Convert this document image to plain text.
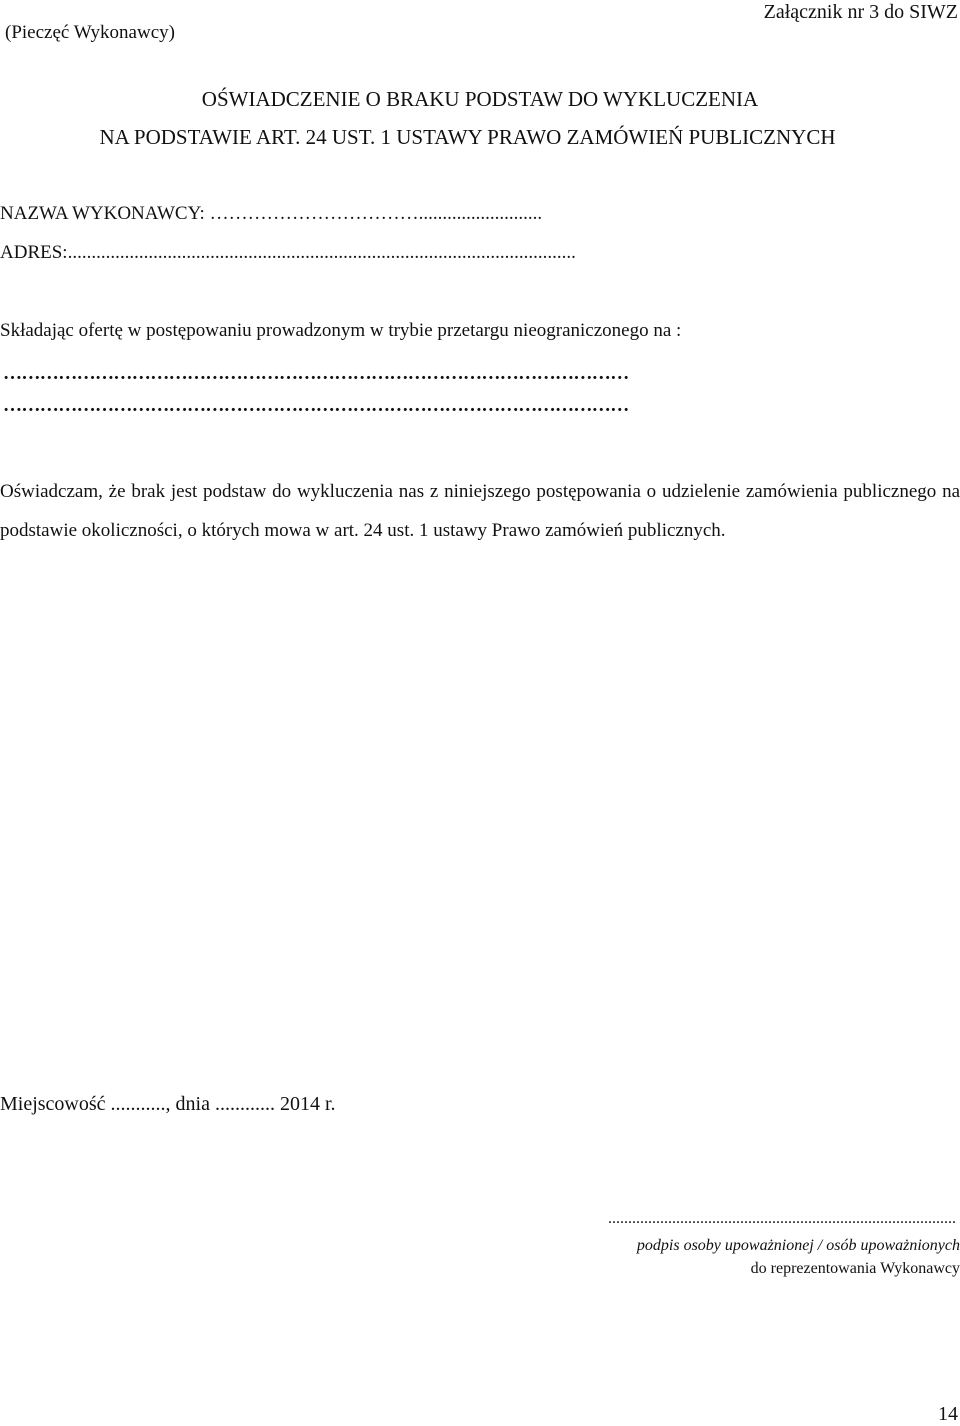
(Pieczęć Wykonawcy)
Załącznik nr 3 do SIWZ
OŚWIADCZENIE O BRAKU PODSTAW DO WYKLUCZENIA
NA PODSTAWIE ART. 24 UST. 1 USTAWY PRAWO ZAMÓWIEŃ PUBLICZNYCH
NAZWA WYKONAWCY: ……………………………..........................
ADRES:...........................................................................................................
Składając ofertę w postępowaniu prowadzonym w trybie przetargu nieograniczonego na :
…………………………………………………………………………………………
…………………………………………………………………………………………
Oświadczam, że brak jest podstaw do wykluczenia nas z niniejszego postępowania o udzielenie zamówienia publicznego na podstawie okoliczności, o których mowa w art. 24 ust. 1 ustawy Prawo zamówień publicznych.
Miejscowość ..........., dnia ............ 2014 r.
.......................................................................................
podpis osoby upoważnionej / osób upoważnionych
do reprezentowania Wykonawcy
14
